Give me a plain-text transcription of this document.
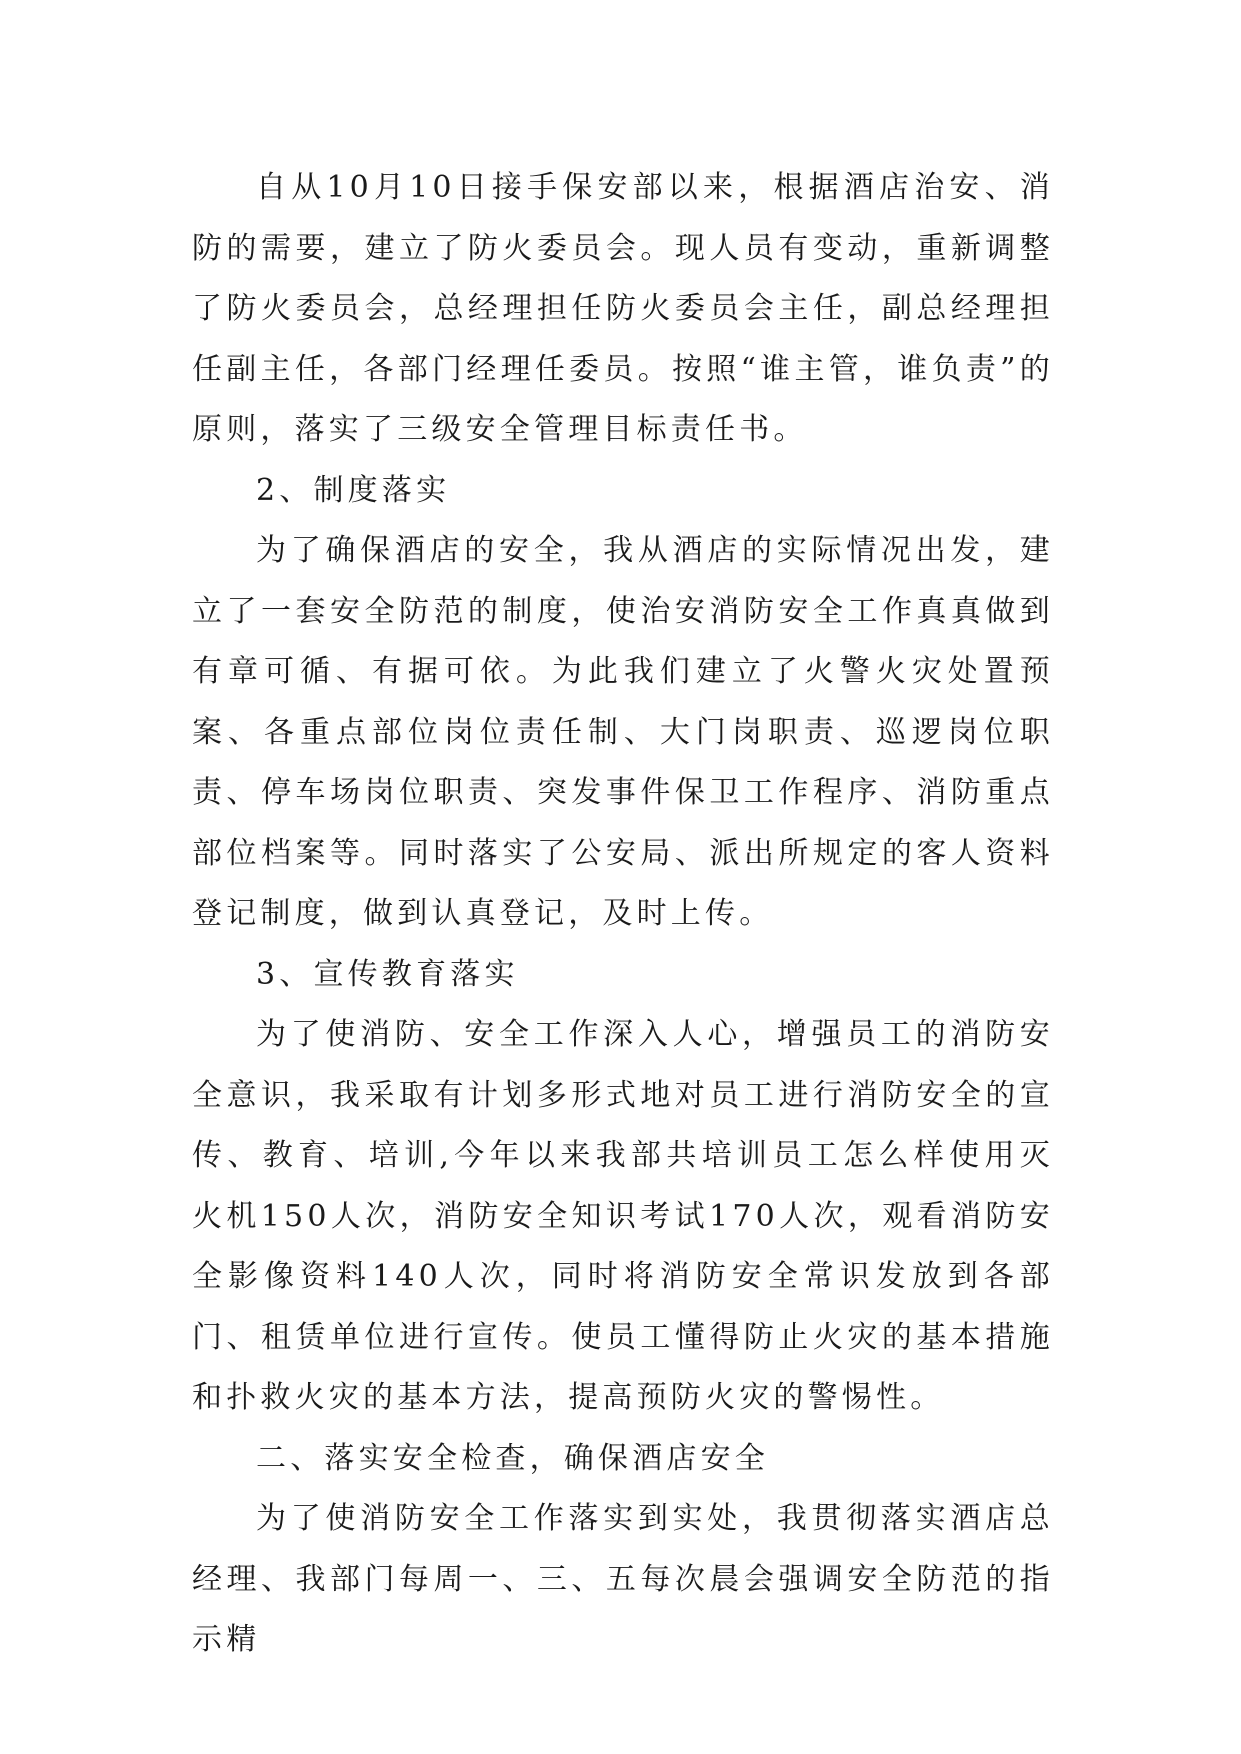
自从10月10日接手保安部以来，根据酒店治安、消防的需要，建立了防火委员会。现人员有变动，重新调整了防火委员会，总经理担任防火委员会主任，副总经理担任副主任，各部门经理任委员。按照“谁主管，谁负责”的原则，落实了三级安全管理目标责任书。

2、制度落实

为了确保酒店的安全，我从酒店的实际情况出发，建立了一套安全防范的制度，使治安消防安全工作真真做到有章可循、有据可依。为此我们建立了火警火灾处置预案、各重点部位岗位责任制、大门岗职责、巡逻岗位职责、停车场岗位职责、突发事件保卫工作程序、消防重点部位档案等。同时落实了公安局、派出所规定的客人资料登记制度，做到认真登记，及时上传。

3、宣传教育落实

为了使消防、安全工作深入人心，增强员工的消防安全意识，我采取有计划多形式地对员工进行消防安全的宣传、教育、培训,今年以来我部共培训员工怎么样使用灭火机150人次，消防安全知识考试170人次，观看消防安全影像资料140人次，同时将消防安全常识发放到各部门、租赁单位进行宣传。使员工懂得防止火灾的基本措施和扑救火灾的基本方法，提高预防火灾的警惕性。

二、落实安全检查，确保酒店安全

为了使消防安全工作落实到实处，我贯彻落实酒店总经理、我部门每周一、三、五每次晨会强调安全防范的指示精
